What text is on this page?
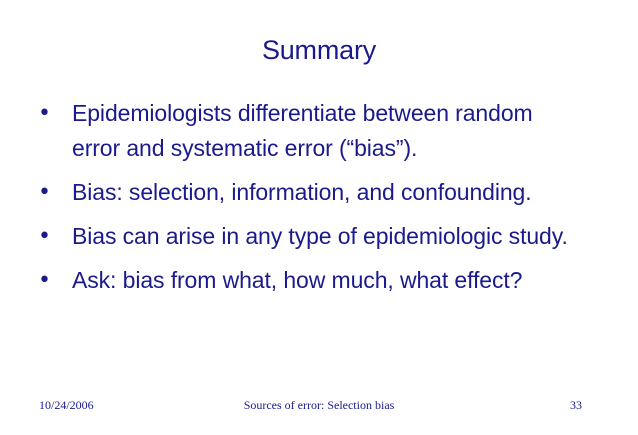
Summary
• Epidemiologists differentiate between random error and systematic error (“bias”).
• Bias: selection, information, and confounding.
• Bias can arise in any type of epidemiologic study.
• Ask: bias from what, how much, what effect?
10/24/2006	Sources of error: Selection bias	33
